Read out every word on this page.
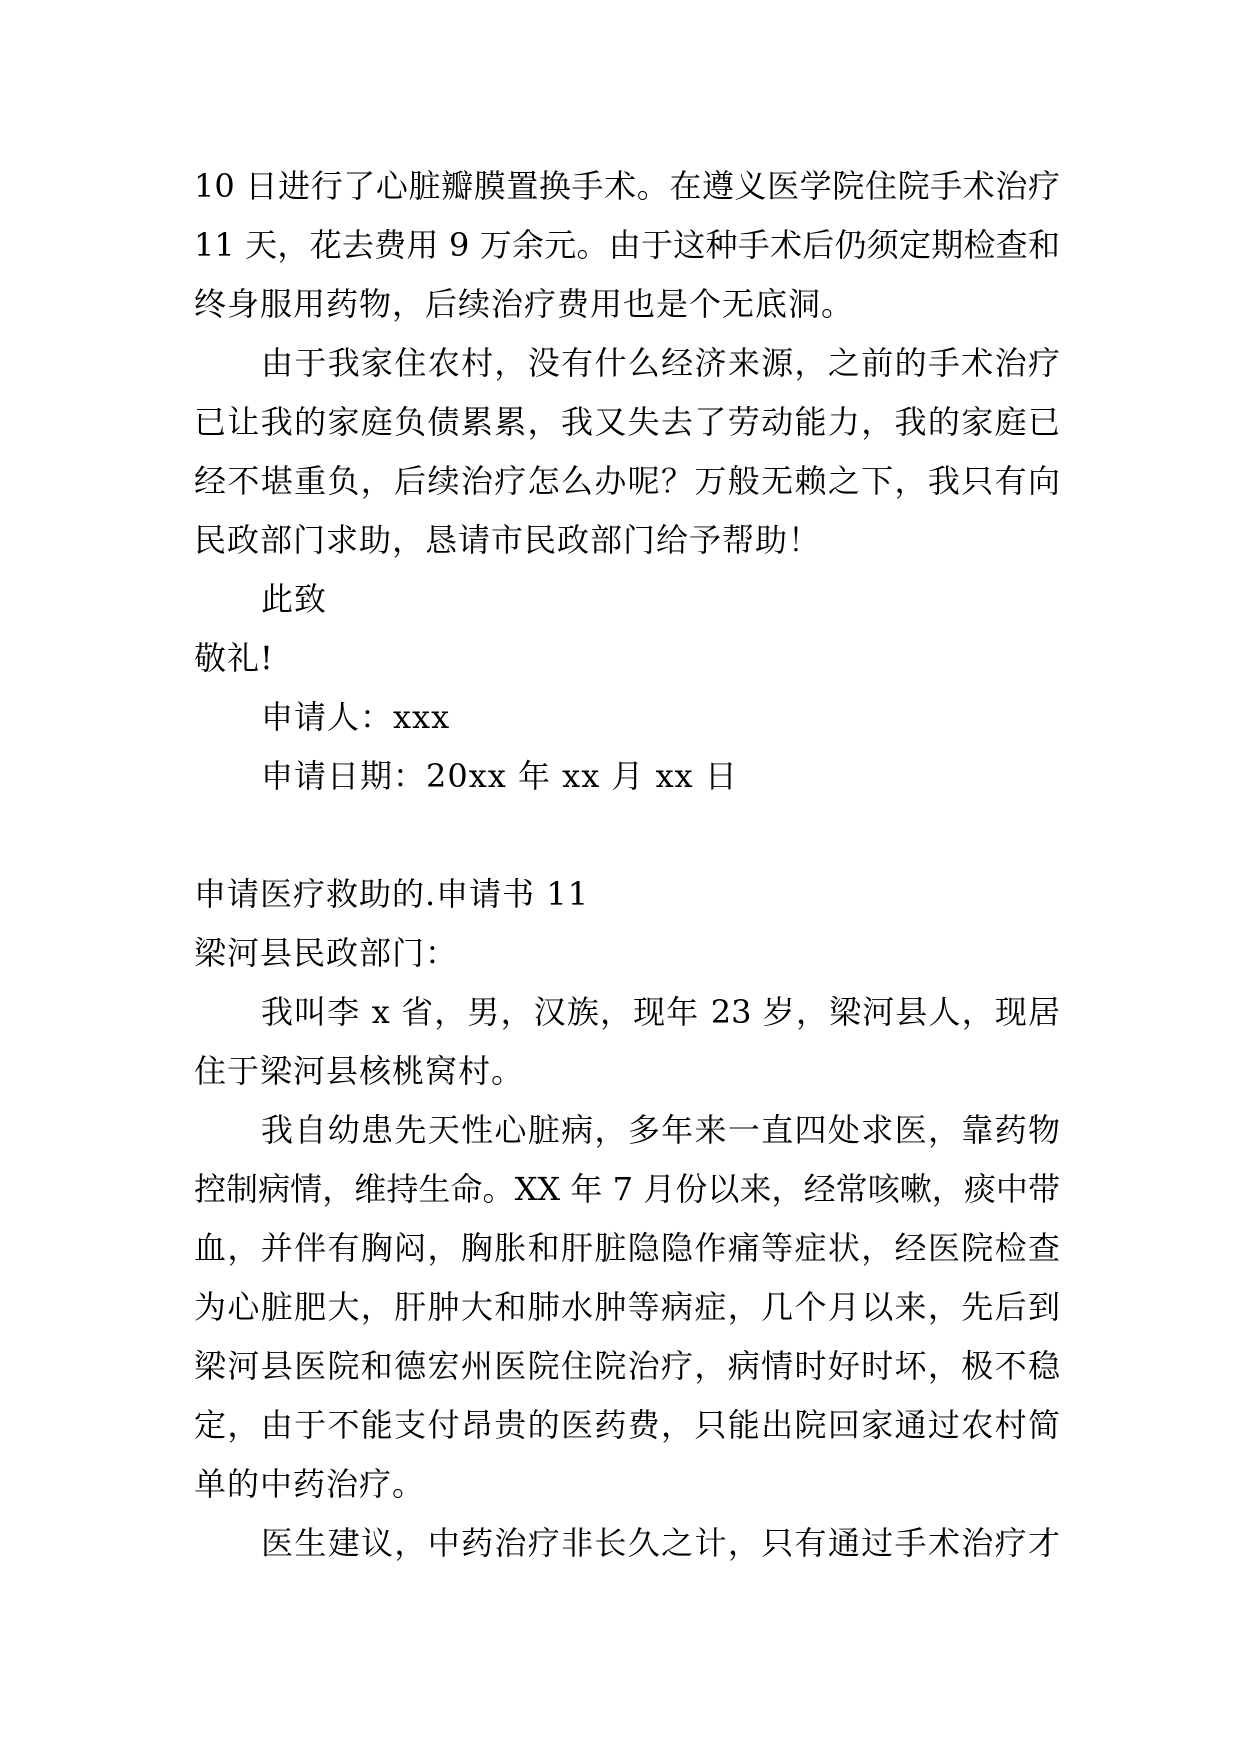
10 日进行了心脏瓣膜置换手术。在遵义医学院住院手术治疗
11 天，花去费用 9 万余元。由于这种手术后仍须定期检查和
终身服用药物，后续治疗费用也是个无底洞。
由于我家住农村，没有什么经济来源，之前的手术治疗
已让我的家庭负债累累，我又失去了劳动能力，我的家庭已
经不堪重负，后续治疗怎么办呢？万般无赖之下，我只有向
民政部门求助，恳请市民政部门给予帮助！
此致
敬礼!
申请人：xxx
申请日期：20xx 年 xx 月 xx 日
申请医疗救助的.申请书 11
梁河县民政部门：
我叫李 x 省，男，汉族，现年 23 岁，梁河县人，现居
住于梁河县核桃窝村。
我自幼患先天性心脏病，多年来一直四处求医，靠药物
控制病情，维持生命。XX 年 7 月份以来，经常咳嗽，痰中带
血，并伴有胸闷，胸胀和肝脏隐隐作痛等症状，经医院检查
为心脏肥大，肝肿大和肺水肿等病症，几个月以来，先后到
梁河县医院和德宏州医院住院治疗，病情时好时坏，极不稳
定，由于不能支付昂贵的医药费，只能出院回家通过农村简
单的中药治疗。
医生建议，中药治疗非长久之计，只有通过手术治疗才
